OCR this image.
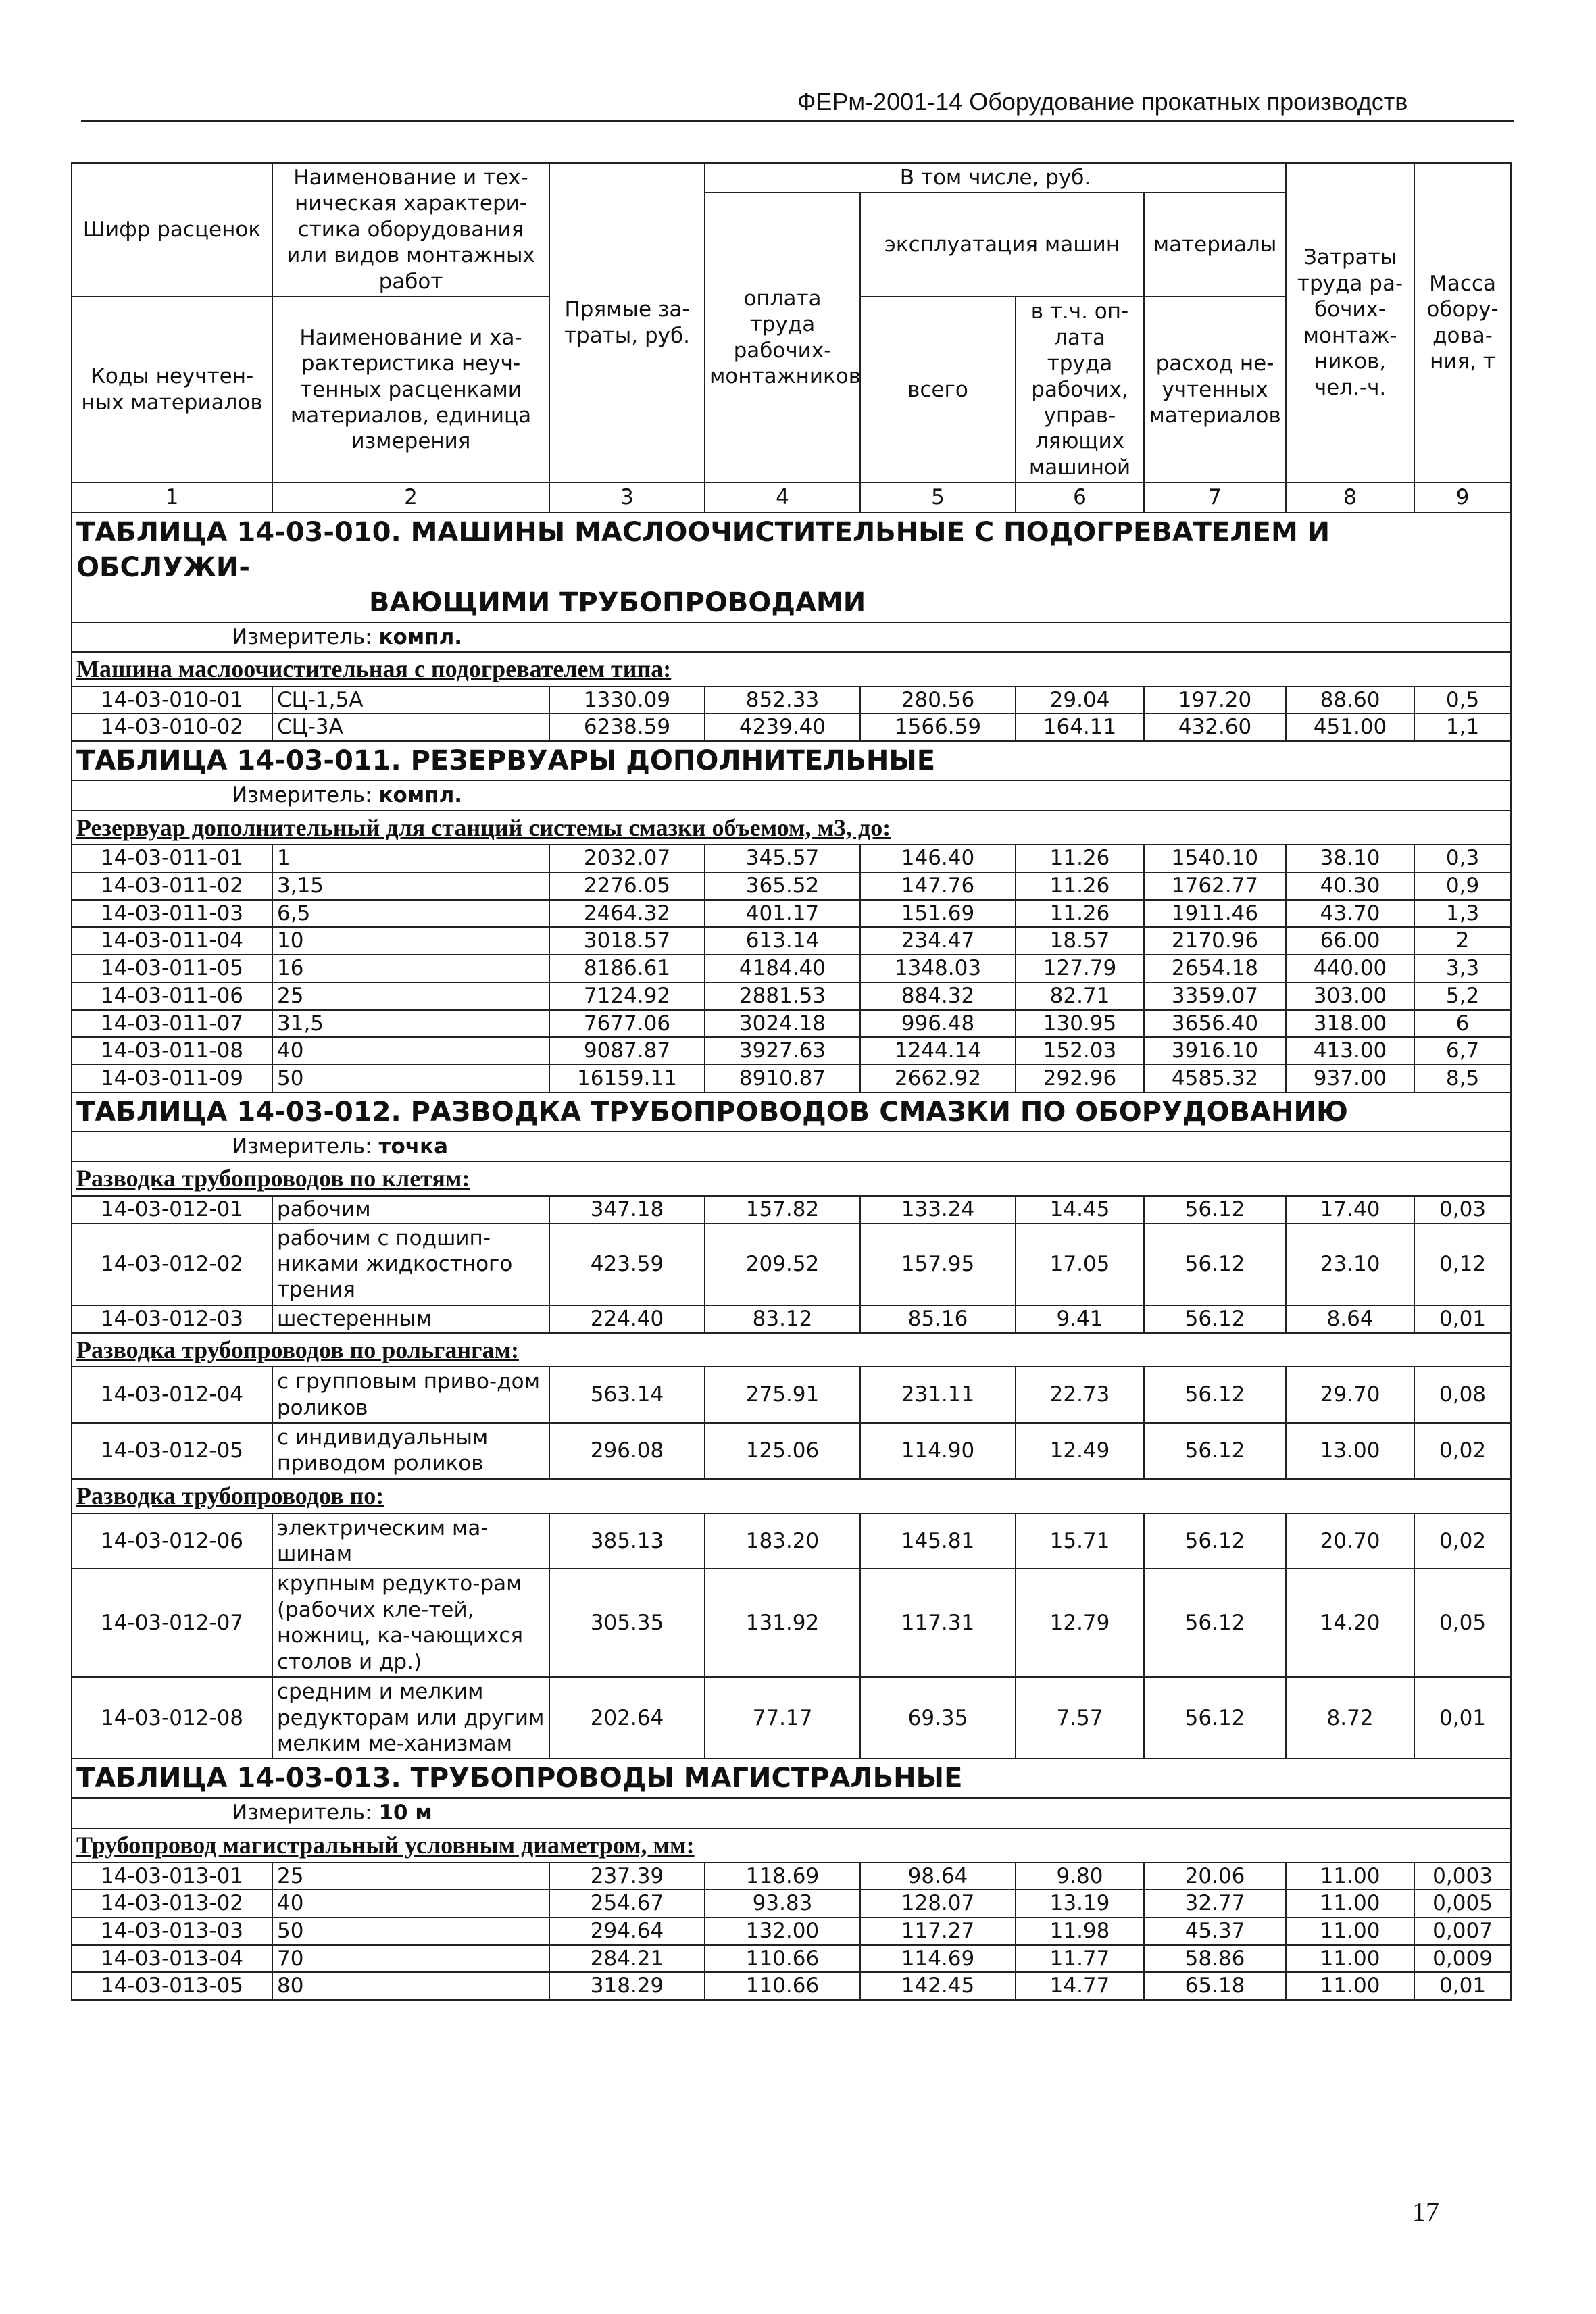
ФЕРм-2001-14 Оборудование прокатных производств
Шифр расценок	Наименование и тех-ническая характери-стика оборудования или видов монтажных работ	Прямые за-траты, руб.	В том числе, руб.				Затраты труда ра-бочих-монтаж-ников, чел.-ч.	Масса обору-дова-ния, т
			оплата труда рабочих-монтажников	эксплуатация машин		материалы		

Коды неучтен-ных материалов	Наименование и ха-рактеристика неуч-тенных расценками материалов, единица измерения			всего	в т.ч. оп-лата труда рабочих, управ-ляющих машиной	расход не-учтенных материалов		

1	2	3	4	5	6	7	8	9

ТАБЛИЦА 14-03-010. МАШИНЫ МАСЛООЧИСТИТЕЛЬНЫЕ С ПОДОГРЕВАТЕЛЕМ И ОБСЛУЖИ-
ВАЮЩИМИ ТРУБОПРОВОДАМИ								

Измеритель: компл.								
Машина маслоочистительная с подогревателем типа:								
14-03-010-01	СЦ-1,5А	1330.09	852.33	280.56	29.04	197.20	88.60	0,5
14-03-010-02	СЦ-3А	6238.59	4239.40	1566.59	164.11	432.60	451.00	1,1

ТАБЛИЦА 14-03-011. РЕЗЕРВУАРЫ ДОПОЛНИТЕЛЬНЫЕ								

Измеритель: компл.								
Резервуар дополнительный для станций системы смазки объемом, м3, до:								
14-03-011-01	1	2032.07	345.57	146.40	11.26	1540.10	38.10	0,3
14-03-011-02	3,15	2276.05	365.52	147.76	11.26	1762.77	40.30	0,9
14-03-011-03	6,5	2464.32	401.17	151.69	11.26	1911.46	43.70	1,3
14-03-011-04	10	3018.57	613.14	234.47	18.57	2170.96	66.00	2
14-03-011-05	16	8186.61	4184.40	1348.03	127.79	2654.18	440.00	3,3
14-03-011-06	25	7124.92	2881.53	884.32	82.71	3359.07	303.00	5,2
14-03-011-07	31,5	7677.06	3024.18	996.48	130.95	3656.40	318.00	6
14-03-011-08	40	9087.87	3927.63	1244.14	152.03	3916.10	413.00	6,7
14-03-011-09	50	16159.11	8910.87	2662.92	292.96	4585.32	937.00	8,5

ТАБЛИЦА 14-03-012. РАЗВОДКА ТРУБОПРОВОДОВ СМАЗКИ ПО ОБОРУДОВАНИЮ								

Измеритель: точка								
Разводка трубопроводов по клетям:								
14-03-012-01	рабочим	347.18	157.82	133.24	14.45	56.12	17.40	0,03
14-03-012-02	рабочим с подшип-никами жидкостного трения	423.59	209.52	157.95	17.05	56.12	23.10	0,12
14-03-012-03	шестеренным	224.40	83.12	85.16	9.41	56.12	8.64	0,01
Разводка трубопроводов по рольгангам:								
14-03-012-04	с групповым приво-дом роликов	563.14	275.91	231.11	22.73	56.12	29.70	0,08
14-03-012-05	с индивидуальным приводом роликов	296.08	125.06	114.90	12.49	56.12	13.00	0,02
Разводка трубопроводов по:								
14-03-012-06	электрическим ма-шинам	385.13	183.20	145.81	15.71	56.12	20.70	0,02
14-03-012-07	крупным редукто-рам (рабочих кле-тей, ножниц, ка-чающихся столов и др.)	305.35	131.92	117.31	12.79	56.12	14.20	0,05
14-03-012-08	средним и мелким редукторам или другим мелким ме-ханизмам	202.64	77.17	69.35	7.57	56.12	8.72	0,01

ТАБЛИЦА 14-03-013. ТРУБОПРОВОДЫ МАГИСТРАЛЬНЫЕ								

Измеритель: 10 м								
Трубопровод магистральный условным диаметром, мм:								
14-03-013-01	25	237.39	118.69	98.64	9.80	20.06	11.00	0,003
14-03-013-02	40	254.67	93.83	128.07	13.19	32.77	11.00	0,005
14-03-013-03	50	294.64	132.00	117.27	11.98	45.37	11.00	0,007
14-03-013-04	70	284.21	110.66	114.69	11.77	58.86	11.00	0,009
14-03-013-05	80	318.29	110.66	142.45	14.77	65.18	11.00	0,01
17
